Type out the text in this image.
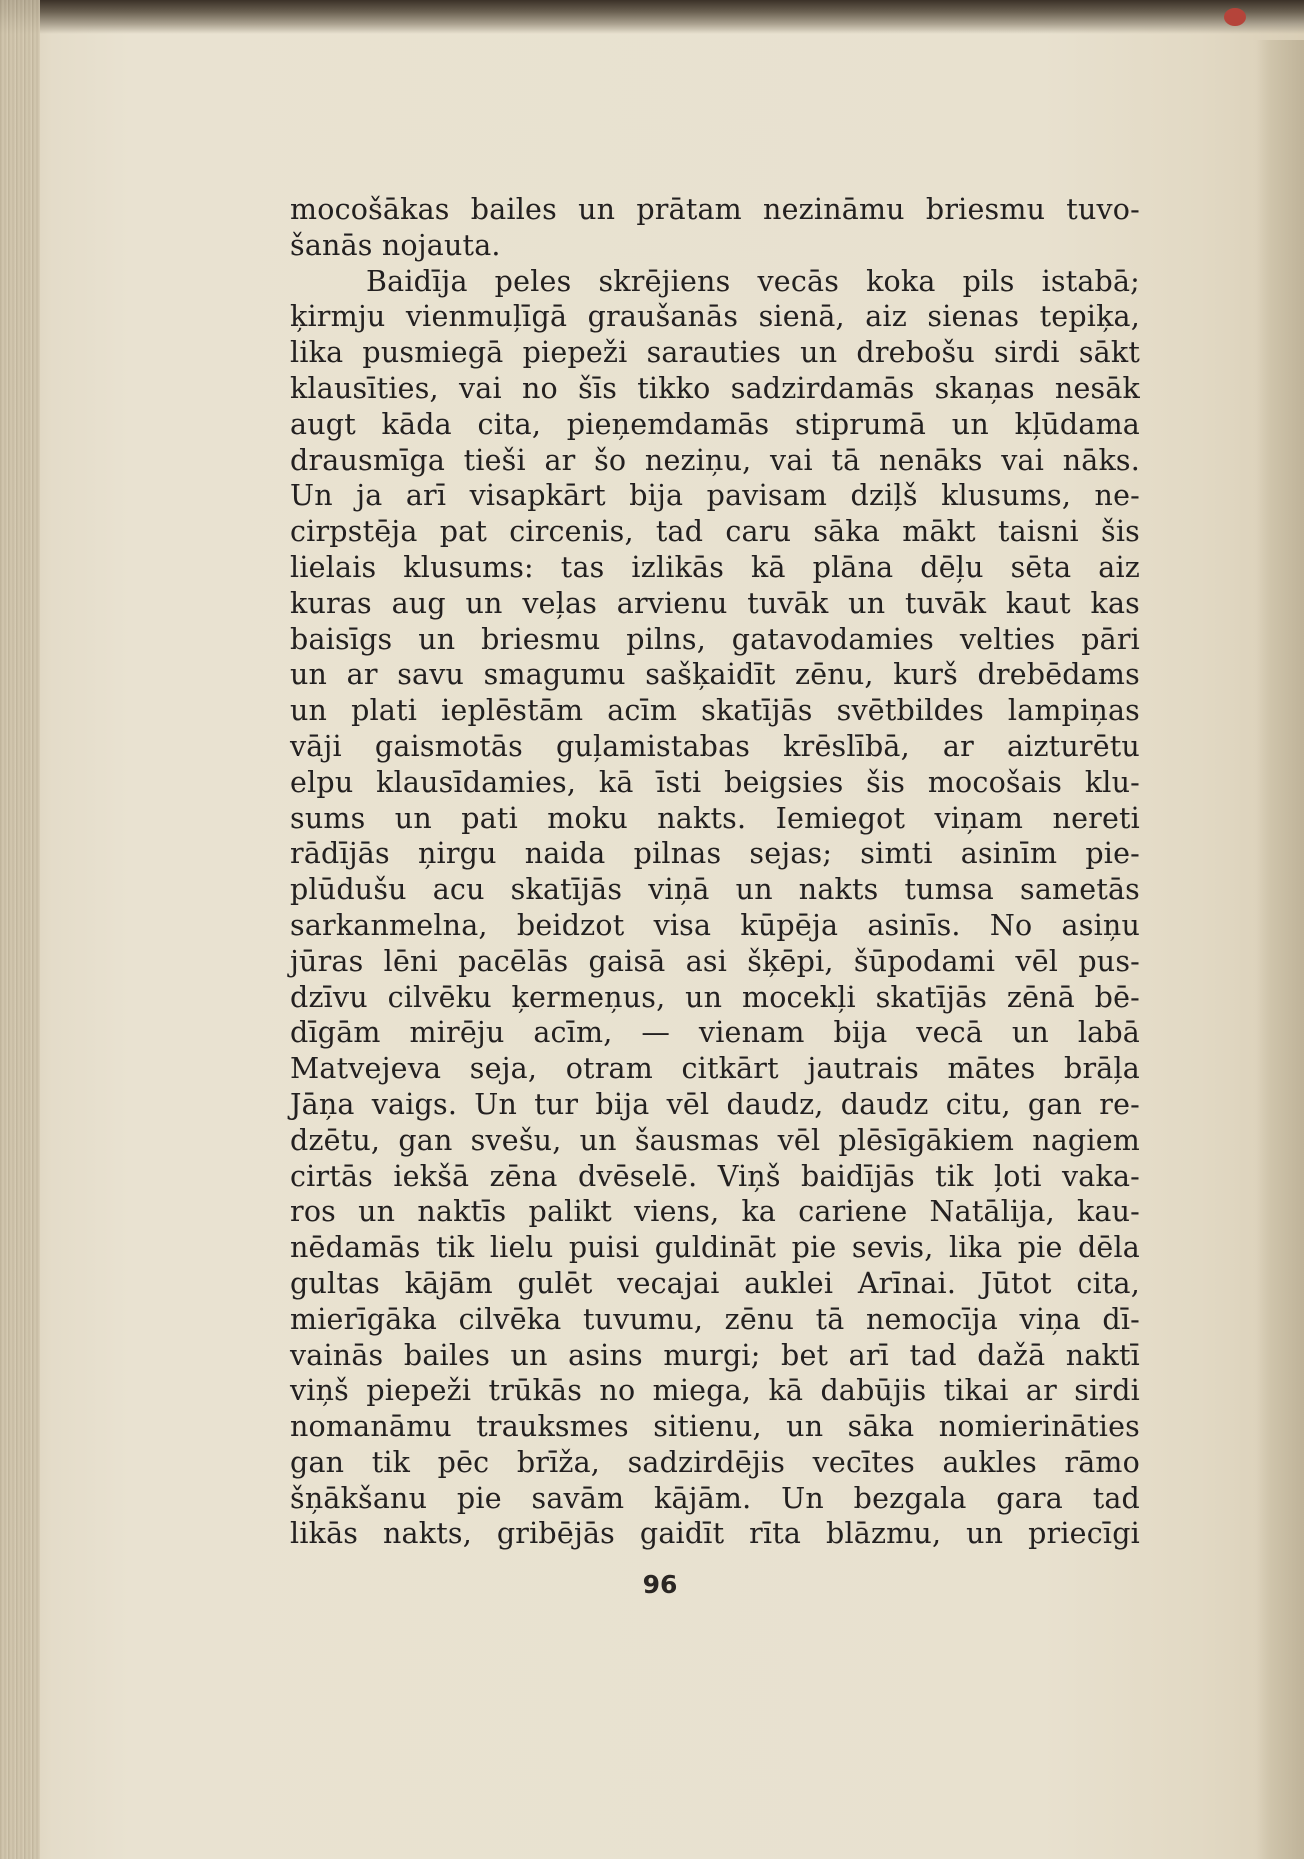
mocošākas bailes un prātam nezināmu briesmu tuvo-
šanās nojauta.
Baidīja peles skrējiens vecās koka pils istabā;
ķirmju vienmuļīgā graušanās sienā, aiz sienas tepiķa,
lika pusmiegā piepeži sarauties un drebošu sirdi sākt
klausīties, vai no šīs tikko sadzirdamās skaņas nesāk
augt kāda cita, pieņemdamās stiprumā un kļūdama
drausmīga tieši ar šo neziņu, vai tā nenāks vai nāks.
Un ja arī visapkārt bija pavisam dziļš klusums, ne-
cirpstēja pat circenis, tad caru sāka mākt taisni šis
lielais klusums: tas izlikās kā plāna dēļu sēta aiz
kuras aug un veļas arvienu tuvāk un tuvāk kaut kas
baisīgs un briesmu pilns, gatavodamies velties pāri
un ar savu smagumu sašķaidīt zēnu, kurš drebēdams
un plati ieplēstām acīm skatījās svētbildes lampiņas
vāji gaismotās guļamistabas krēslībā, ar aizturētu
elpu klausīdamies, kā īsti beigsies šis mocošais klu-
sums un pati moku nakts. Iemiegot viņam nereti
rādījās ņirgu naida pilnas sejas; simti asinīm pie-
plūdušu acu skatījās viņā un nakts tumsa sametās
sarkanmelna, beidzot visa kūpēja asinīs. No asiņu
jūras lēni pacēlās gaisā asi šķēpi, šūpodami vēl pus-
dzīvu cilvēku ķermeņus, un mocekļi skatījās zēnā bē-
dīgām mirēju acīm, — vienam bija vecā un labā
Matvejeva seja, otram citkārt jautrais mātes brāļa
Jāņa vaigs. Un tur bija vēl daudz, daudz citu, gan re-
dzētu, gan svešu, un šausmas vēl plēsīgākiem nagiem
cirtās iekšā zēna dvēselē. Viņš baidījās tik ļoti vaka-
ros un naktīs palikt viens, ka cariene Natālija, kau-
nēdamās tik lielu puisi guldināt pie sevis, lika pie dēla
gultas kājām gulēt vecajai auklei Arīnai. Jūtot cita,
mierīgāka cilvēka tuvumu, zēnu tā nemocīja viņa dī-
vainās bailes un asins murgi; bet arī tad dažā naktī
viņš piepeži trūkās no miega, kā dabūjis tikai ar sirdi
nomanāmu trauksmes sitienu, un sāka nomierināties
gan tik pēc brīža, sadzirdējis vecītes aukles rāmo
šņākšanu pie savām kājām. Un bezgala gara tad
likās nakts, gribējās gaidīt rīta blāzmu, un priecīgi
96
